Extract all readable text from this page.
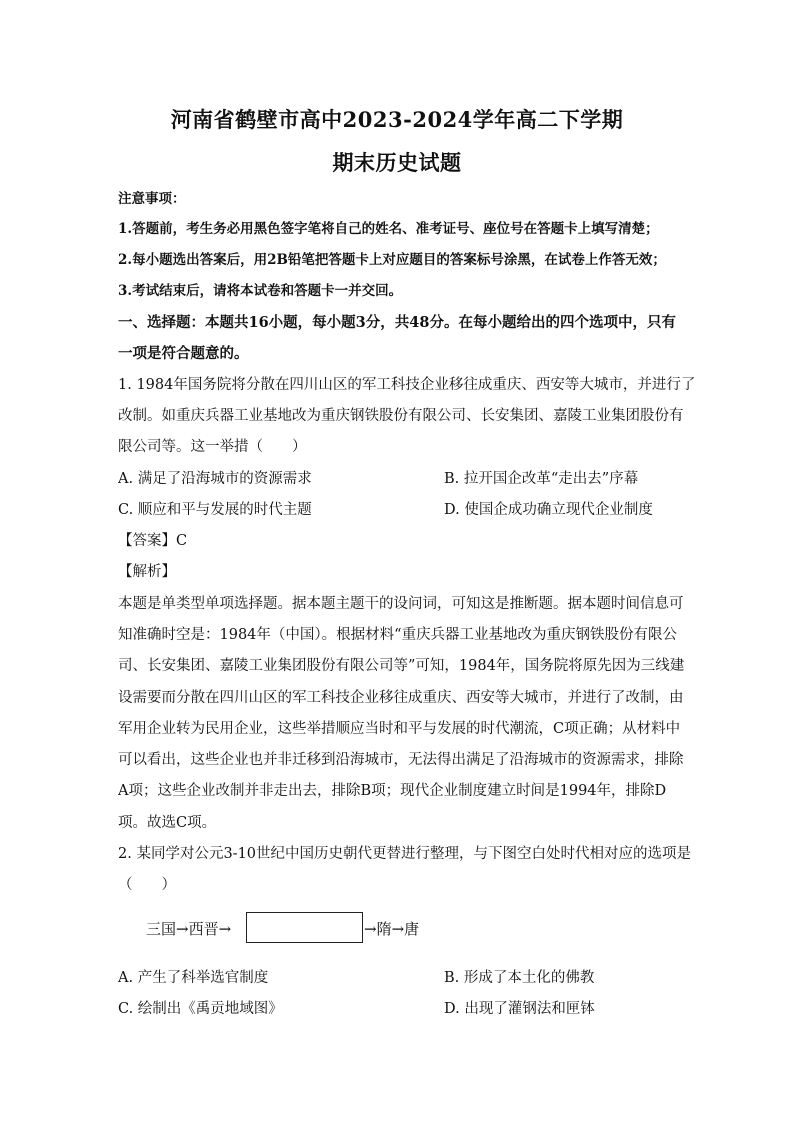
河南省鹤壁市高中2023-2024学年高二下学期
期末历史试题
注意事项：
1.答题前，考生务必用黑色签字笔将自己的姓名、准考证号、座位号在答题卡上填写清楚；
2.每小题选出答案后，用2B铅笔把答题卡上对应题目的答案标号涂黑，在试卷上作答无效；
3.考试结束后，请将本试卷和答题卡一并交回。
一、选择题：本题共16小题，每小题3分，共48分。在每小题给出的四个选项中，只有
一项是符合题意的。
1. 1984年国务院将分散在四川山区的军工科技企业移往成重庆、西安等大城市，并进行了
改制。如重庆兵器工业基地改为重庆钢铁股份有限公司、长安集团、嘉陵工业集团股份有
限公司等。这一举措（　　）
A. 满足了沿海城市的资源需求	B. 拉开国企改革“走出去”序幕
C. 顺应和平与发展的时代主题	D. 使国企成功确立现代企业制度
【答案】C
【解析】
本题是单类型单项选择题。据本题主题干的设问词，可知这是推断题。据本题时间信息可
知准确时空是：1984年（中国）。根据材料“重庆兵器工业基地改为重庆钢铁股份有限公
司、长安集团、嘉陵工业集团股份有限公司等”可知，1984年，国务院将原先因为三线建
设需要而分散在四川山区的军工科技企业移往成重庆、西安等大城市，并进行了改制，由
军用企业转为民用企业，这些举措顺应当时和平与发展的时代潮流，C项正确；从材料中
可以看出，这些企业也并非迁移到沿海城市，无法得出满足了沿海城市的资源需求，排除
A项；这些企业改制并非走出去，排除B项；现代企业制度建立时间是1994年，排除D
项。故选C项。
2. 某同学对公元3-10世纪中国历史朝代更替进行整理，与下图空白处时代相对应的选项是
（　　）
三国→西晋→	→隋→唐
A. 产生了科举选官制度	B. 形成了本土化的佛教
C. 绘制出《禹贡地域图》	D. 出现了灌钢法和匣钵
